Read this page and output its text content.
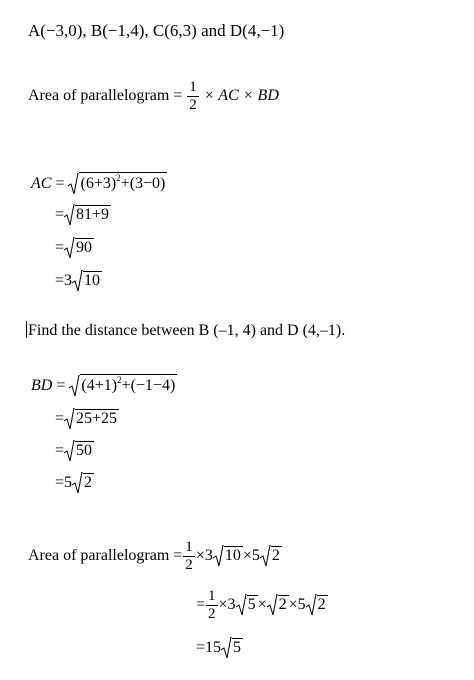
A(−3,0), B(−1,4), C(6,3) and D(4,−1)
Area of parallelogram = $\frac{1}{2}$ × AC × BD
AC = $(6+3)^2+(3-0)$
= 81+9
= 90
=3 10
Find the distance between B (–1, 4) and D (4,–1).
BD = $(4+1)^2+(-1-4)$
= 25+25
= 50
=5 2
Area of parallelogram = $\frac{1}{2} \times 3$ 10 ×5 2
= $\frac{1}{2} \times 3$ 5 × 2 ×5 2
=15 5
